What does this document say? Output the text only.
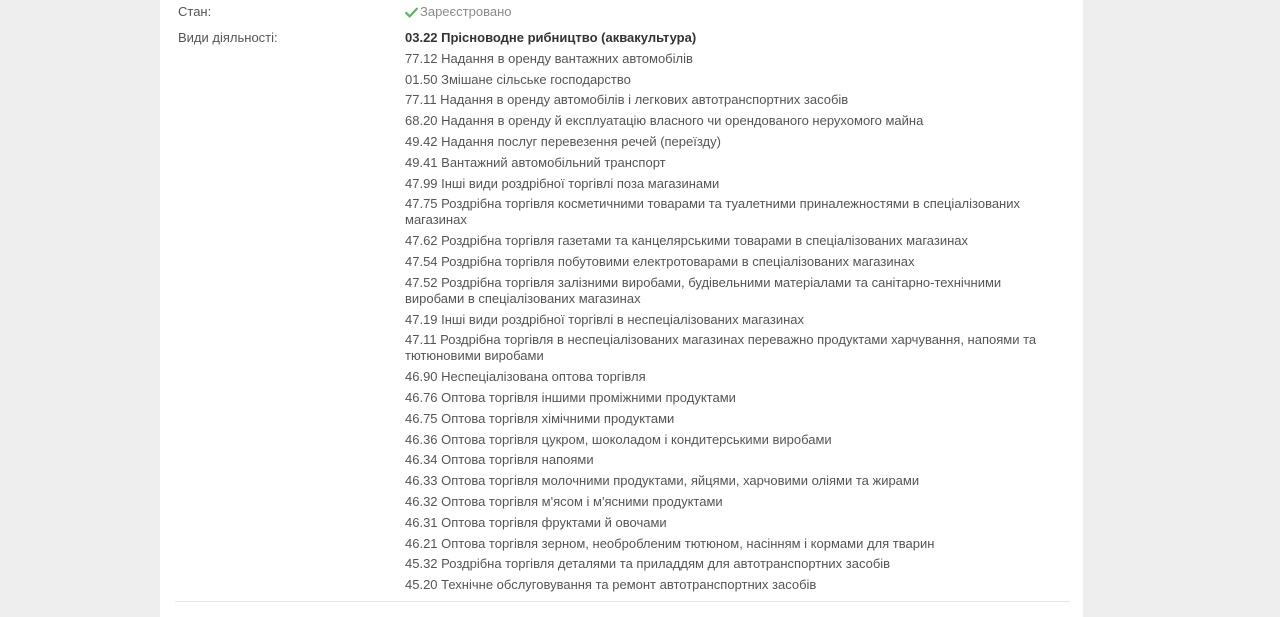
Стан:	Зареєстровано
Види діяльності:	03.22 Прісноводне рибництво (аквакультура)
77.12 Надання в оренду вантажних автомобілів
01.50 Змішане сільське господарство
77.11 Надання в оренду автомобілів і легкових автотранспортних засобів
68.20 Надання в оренду й експлуатацію власного чи орендованого нерухомого майна
49.42 Надання послуг перевезення речей (переїзду)
49.41 Вантажний автомобільний транспорт
47.99 Інші види роздрібної торгівлі поза магазинами
47.75 Роздрібна торгівля косметичними товарами та туалетними приналежностями в спеціалізованих магазинах
47.62 Роздрібна торгівля газетами та канцелярськими товарами в спеціалізованих магазинах
47.54 Роздрібна торгівля побутовими електротоварами в спеціалізованих магазинах
47.52 Роздрібна торгівля залізними виробами, будівельними матеріалами та санітарно-технічними виробами в спеціалізованих магазинах
47.19 Інші види роздрібної торгівлі в неспеціалізованих магазинах
47.11 Роздрібна торгівля в неспеціалізованих магазинах переважно продуктами харчування, напоями та тютюновими виробами
46.90 Неспеціалізована оптова торгівля
46.76 Оптова торгівля іншими проміжними продуктами
46.75 Оптова торгівля хімічними продуктами
46.36 Оптова торгівля цукром, шоколадом і кондитерськими виробами
46.34 Оптова торгівля напоями
46.33 Оптова торгівля молочними продуктами, яйцями, харчовими оліями та жирами
46.32 Оптова торгівля м'ясом і м'ясними продуктами
46.31 Оптова торгівля фруктами й овочами
46.21 Оптова торгівля зерном, необробленим тютюном, насінням і кормами для тварин
45.32 Роздрібна торгівля деталями та приладдям для автотранспортних засобів
45.20 Технічне обслуговування та ремонт автотранспортних засобів
